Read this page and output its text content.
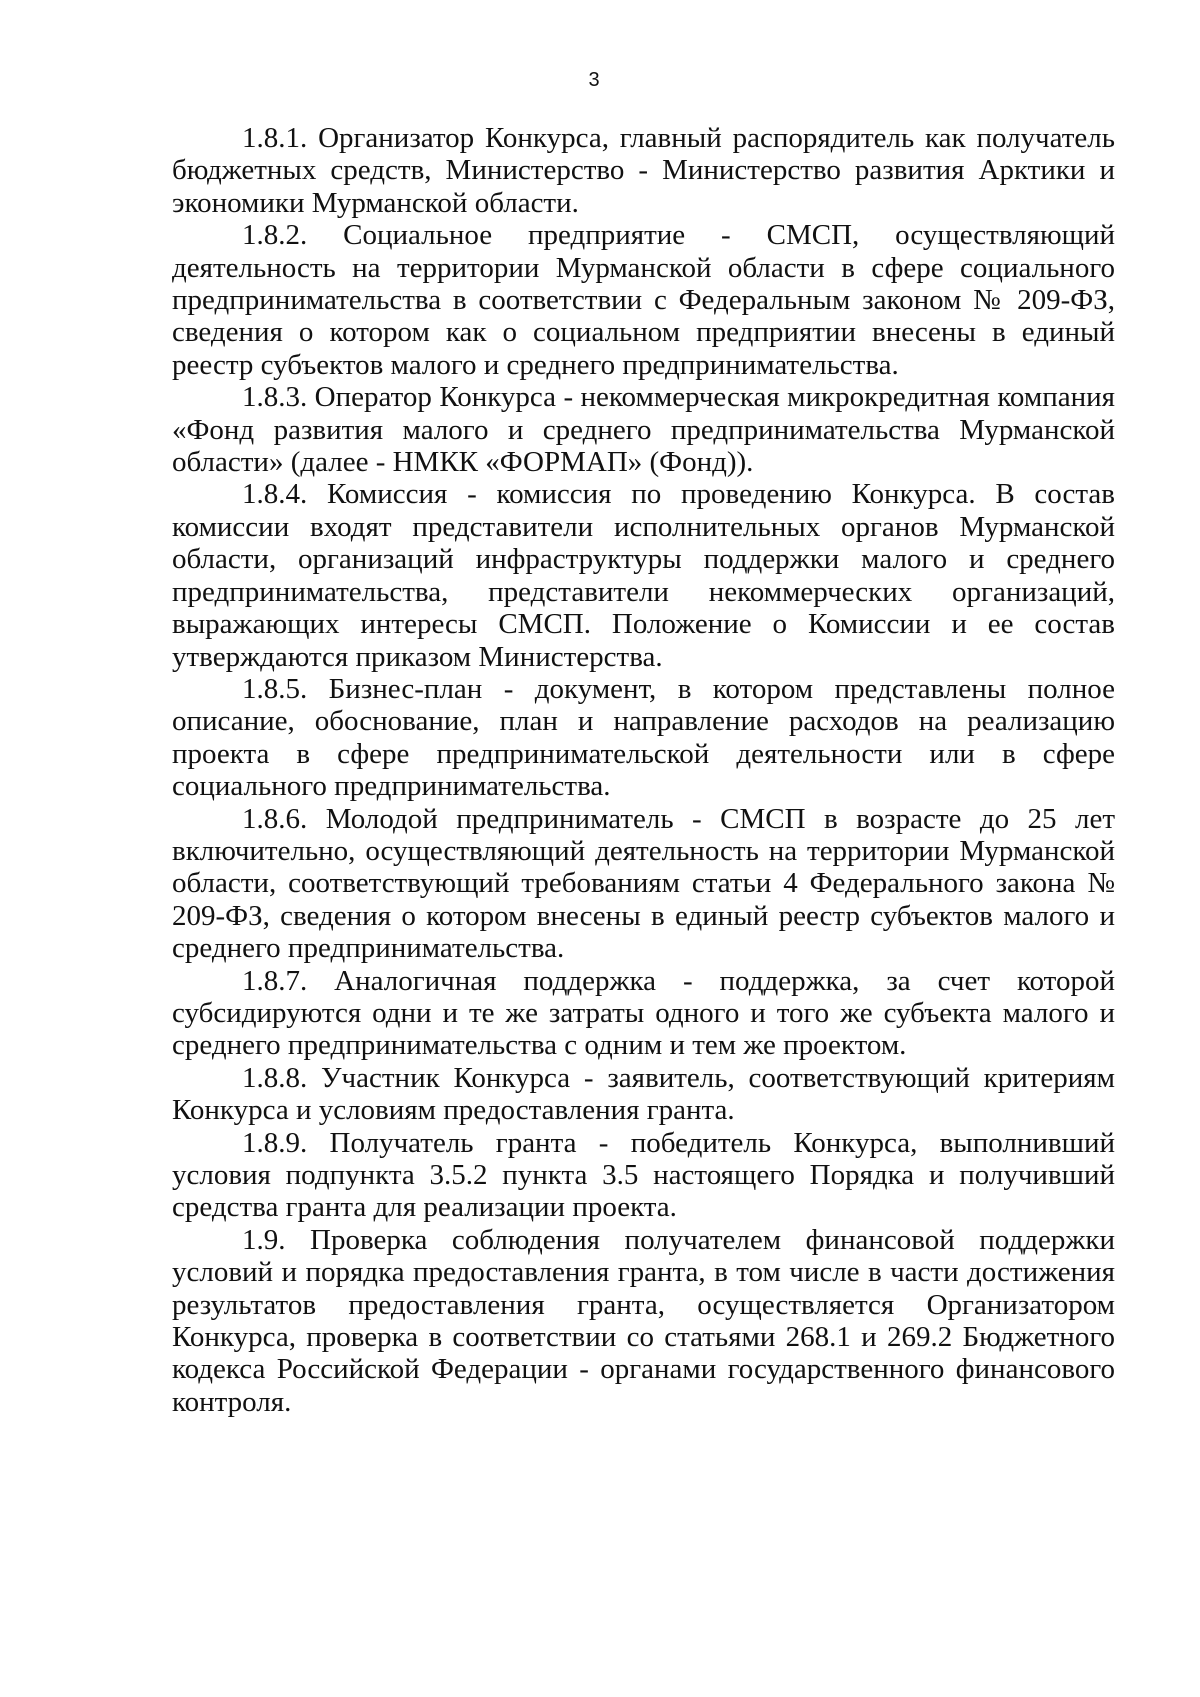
3

1.8.1. Организатор Конкурса, главный распорядитель как получатель бюджетных средств, Министерство - Министерство развития Арктики и экономики Мурманской области.

1.8.2. Социальное предприятие - СМСП, осуществляющий деятельность на территории Мурманской области в сфере социального предпринимательства в соответствии с Федеральным законом № 209-ФЗ, сведения о котором как о социальном предприятии внесены в единый реестр субъектов малого и среднего предпринимательства.

1.8.3. Оператор Конкурса - некоммерческая микрокредитная компания «Фонд развития малого и среднего предпринимательства Мурманской области» (далее - НМКК «ФОРМАП» (Фонд)).

1.8.4. Комиссия - комиссия по проведению Конкурса. В состав комиссии входят представители исполнительных органов Мурманской области, организаций инфраструктуры поддержки малого и среднего предпринимательства, представители некоммерческих организаций, выражающих интересы СМСП. Положение о Комиссии и ее состав утверждаются приказом Министерства.

1.8.5. Бизнес-план - документ, в котором представлены полное описание, обоснование, план и направление расходов на реализацию проекта в сфере предпринимательской деятельности или в сфере социального предпринимательства.

1.8.6. Молодой предприниматель - СМСП в возрасте до 25 лет включительно, осуществляющий деятельность на территории Мурманской области, соответствующий требованиям статьи 4 Федерального закона № 209-ФЗ, сведения о котором внесены в единый реестр субъектов малого и среднего предпринимательства.

1.8.7. Аналогичная поддержка - поддержка, за счет которой субсидируются одни и те же затраты одного и того же субъекта малого и среднего предпринимательства с одним и тем же проектом.

1.8.8. Участник Конкурса - заявитель, соответствующий критериям Конкурса и условиям предоставления гранта.

1.8.9. Получатель гранта - победитель Конкурса, выполнивший условия подпункта 3.5.2 пункта 3.5 настоящего Порядка и получивший средства гранта для реализации проекта.

1.9. Проверка соблюдения получателем финансовой поддержки условий и порядка предоставления гранта, в том числе в части достижения результатов предоставления гранта, осуществляется Организатором Конкурса, проверка в соответствии со статьями 268.1 и 269.2 Бюджетного кодекса Российской Федерации - органами государственного финансового контроля.
